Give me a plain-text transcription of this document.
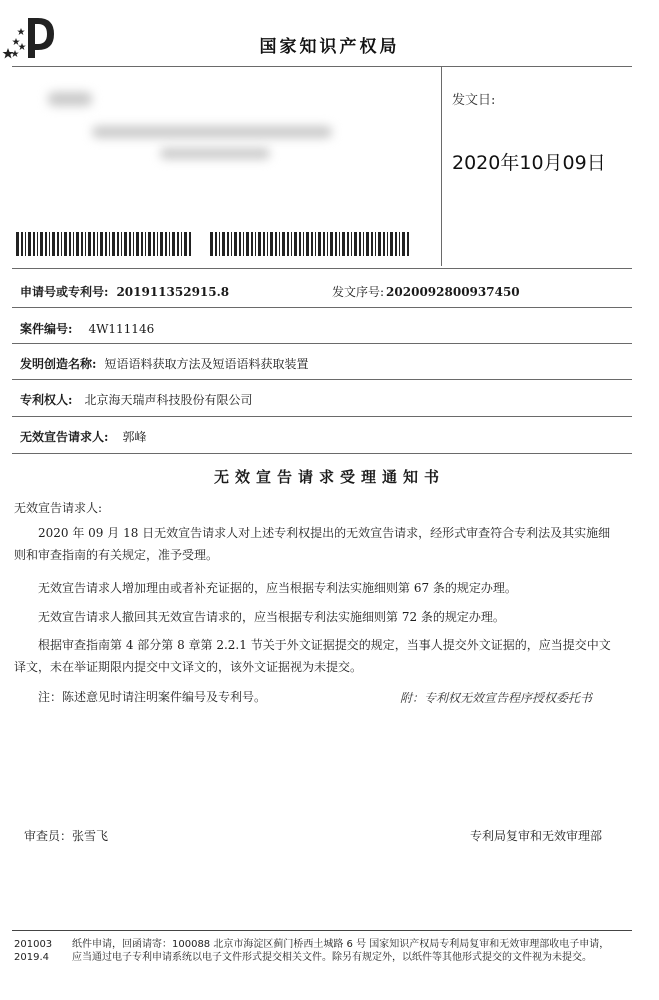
国家知识产权局
发文日:
2020年10月09日
申请号或专利号: 201911352915.8	发文序号: 2020092800937450
案件编号: 4W111146
发明创造名称: 短语语料获取方法及短语语料获取装置
专利权人: 北京海天瑞声科技股份有限公司
无效宣告请求人: 郭峰
无效宣告请求受理通知书
无效宣告请求人:
2020 年 09 月 18 日无效宣告请求人对上述专利权提出的无效宣告请求，经形式审查符合专利法及其实施细则和审查指南的有关规定，准予受理。
无效宣告请求人增加理由或者补充证据的，应当根据专利法实施细则第 67 条的规定办理。
无效宣告请求人撤回其无效宣告请求的，应当根据专利法实施细则第 72 条的规定办理。
根据审查指南第 4 部分第 8 章第 2.2.1 节关于外文证据提交的规定，当事人提交外文证据的，应当提交中文译文，未在举证期限内提交中文译文的，该外文证据视为未提交。
注：陈述意见时请注明案件编号及专利号。	附：专利权无效宣告程序授权委托书
审查员：张雪飞	专利局复审和无效审理部
201003
2019.4
纸件申请，回函请寄：100088 北京市海淀区蓟门桥西土城路 6 号 国家知识产权局专利局复审和无效审理部收电子申请，应当通过电子专利申请系统以电子文件形式提交相关文件。除另有规定外，以纸件等其他形式提交的文件视为未提交。
